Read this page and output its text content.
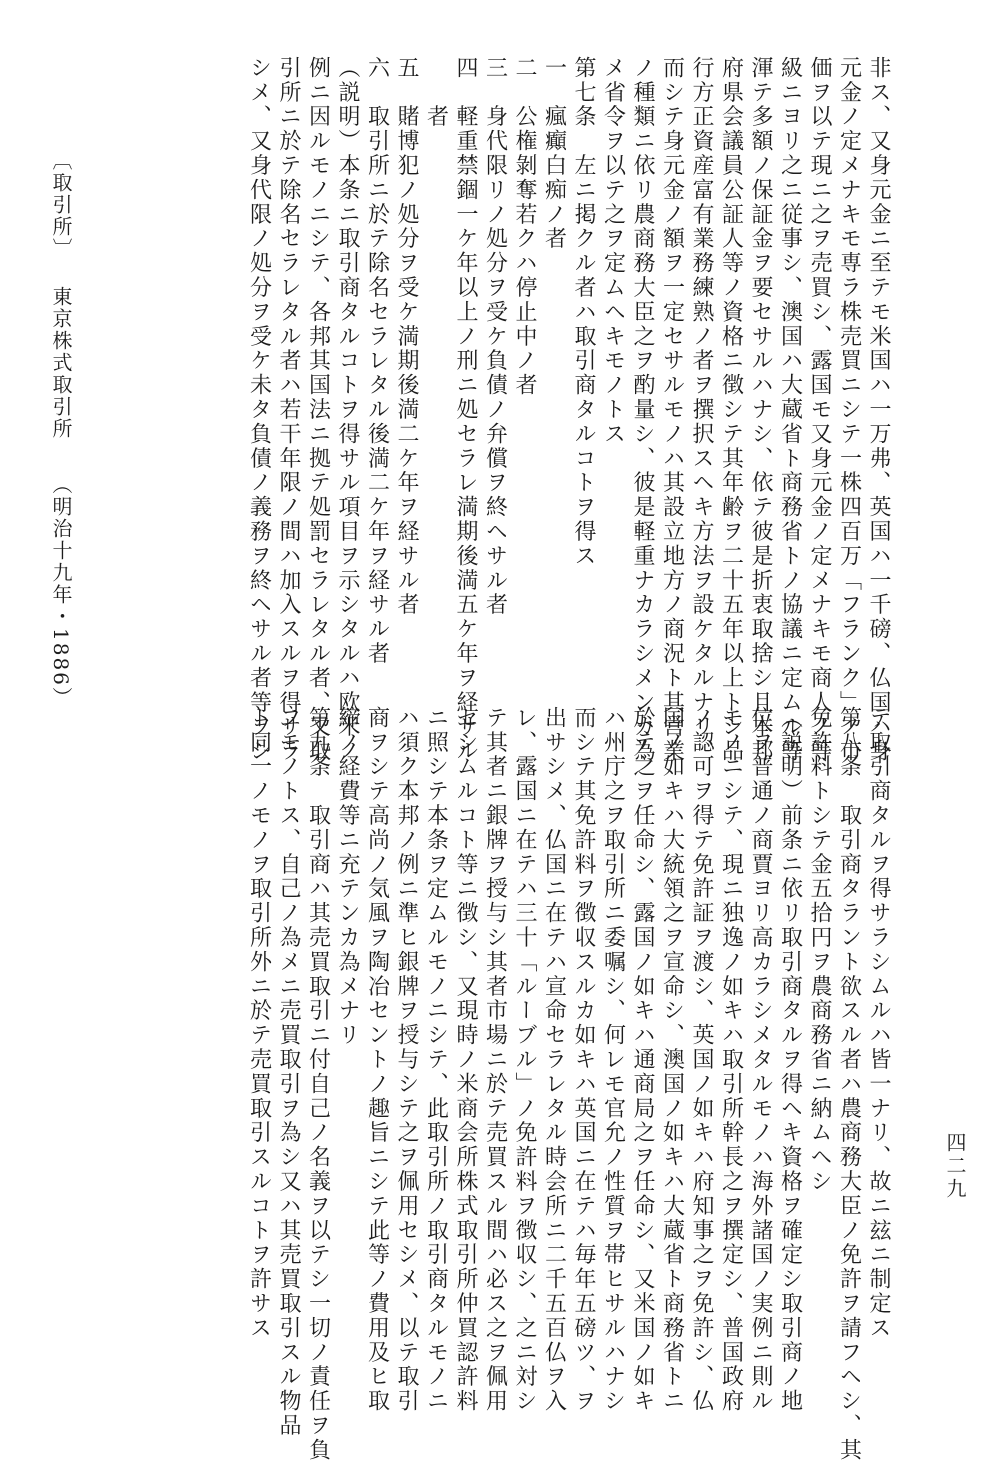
非ス、又身元金ニ至テモ米国ハ一万弗、英国ハ一千磅、仏国ハ身
元金ノ定メナキモ専ラ株売買ニシテ一株四百万「フランク」ノ市
価ヲ以テ現ニ之ヲ売買シ、露国モ又身元金ノ定メナキモ商人ノ等
級ニヨリ之ニ従事シ、澳国ハ大蔵省ト商務省トノ協議ニ定ムル等
渾テ多額ノ保証金ヲ要セサルハナシ、依テ彼是折衷取捨シ且本邦
府県会議員公証人等ノ資格ニ徴シテ其年齢ヲ二十五年以上トシ品
行方正資産富有業務練熟ノ者ヲ撰択スヘキ方法ヲ設ケタルナリ、
而シテ身元金ノ額ヲ一定セサルモノハ其設立地方ノ商況ト其営業
ノ種類ニ依リ農商務大臣之ヲ酌量シ、彼是軽重ナカラシメンカ為
メ省令ヲ以テ之ヲ定ムヘキモノトス
第七条　左ニ掲クル者ハ取引商タルコトヲ得ス
一　瘋癲白痴ノ者
二　公権剝奪若クハ停止中ノ者
三　身代限リノ処分ヲ受ケ負債ノ弁償ヲ終ヘサル者
四　軽重禁錮一ケ年以上ノ刑ニ処セラレ満期後満五ケ年ヲ経サル
　　者
五　賭博犯ノ処分ヲ受ケ満期後満二ケ年ヲ経サル者
六　取引所ニ於テ除名セラレタル後満二ケ年ヲ経サル者
（説明）本条ニ取引商タルコトヲ得サル項目ヲ示シタルハ欧米ノ
例ニ因ルモノニシテ、各邦其国法ニ拠テ処罰セラレタル者、又取
引所ニ於テ除名セラレタル者ハ若干年限ノ間ハ加入スルヲ得サラ
シメ、又身代限ノ処分ヲ受ケ未タ負債ノ義務ヲ終ヘサル者等ヲシ
テ取引商タルヲ得サラシムルハ皆一ナリ、故ニ玆ニ制定ス
第八条　取引商タラント欲スル者ハ農商務大臣ノ免許ヲ請フヘシ、其
免許料トシテ金五拾円ヲ農商務省ニ納ムヘシ
（説明）前条ニ依リ取引商タルヲ得ヘキ資格ヲ確定シ取引商ノ地
位ヲ普通ノ商賈ヨリ高カラシメタルモノハ海外諸国ノ実例ニ則ル
モノニシテ、現ニ独逸ノ如キハ取引所幹長之ヲ撰定シ、普国政府
ノ認可ヲ得テ免許証ヲ渡シ、英国ノ如キハ府知事之ヲ免許シ、仏
国ノ如キハ大統領之ヲ宣命シ、澳国ノ如キハ大蔵省ト商務省トニ
於テ之ヲ任命シ、露国ノ如キハ通商局之ヲ任命シ、又米国ノ如キ
ハ州庁之ヲ取引所ニ委嘱シ、何レモ官允ノ性質ヲ帯ヒサルハナシ
而シテ其免許料ヲ徴収スルカ如キハ英国ニ在テハ毎年五磅ツ、ヲ
出サシメ、仏国ニ在テハ宣命セラレタル時会所ニ二千五百仏ヲ入
レ、露国ニ在テハ三十「ルーブル」ノ免許料ヲ徴収シ、之ニ対シ
テ其者ニ銀牌ヲ授与シ其者市場ニ於テ売買スル間ハ必ス之ヲ佩用
セシムルコト等ニ徴シ、又現時ノ米商会所株式取引所仲買認許料
ニ照シテ本条ヲ定ムルモノニシテ、此取引所ノ取引商タルモノニ
ハ須ク本邦ノ例ニ準ヒ銀牌ヲ授与シテ之ヲ佩用セシメ、以テ取引
商ヲシテ高尚ノ気風ヲ陶冶セントノ趣旨ニシテ此等ノ費用及ヒ取
締ノ経費等ニ充テンカ為メナリ
第九条　取引商ハ其売買取引ニ付自己ノ名義ヲ以テシ一切ノ責任ヲ負
フモノトス、自己ノ為メニ売買取引ヲ為シ又ハ其売買取引スル物品
ト同一ノモノヲ取引所外ニ於テ売買取引スルコトヲ許サス
〔取引所〕
東京株式取引所　　（明治十九年・1886）
四二九
